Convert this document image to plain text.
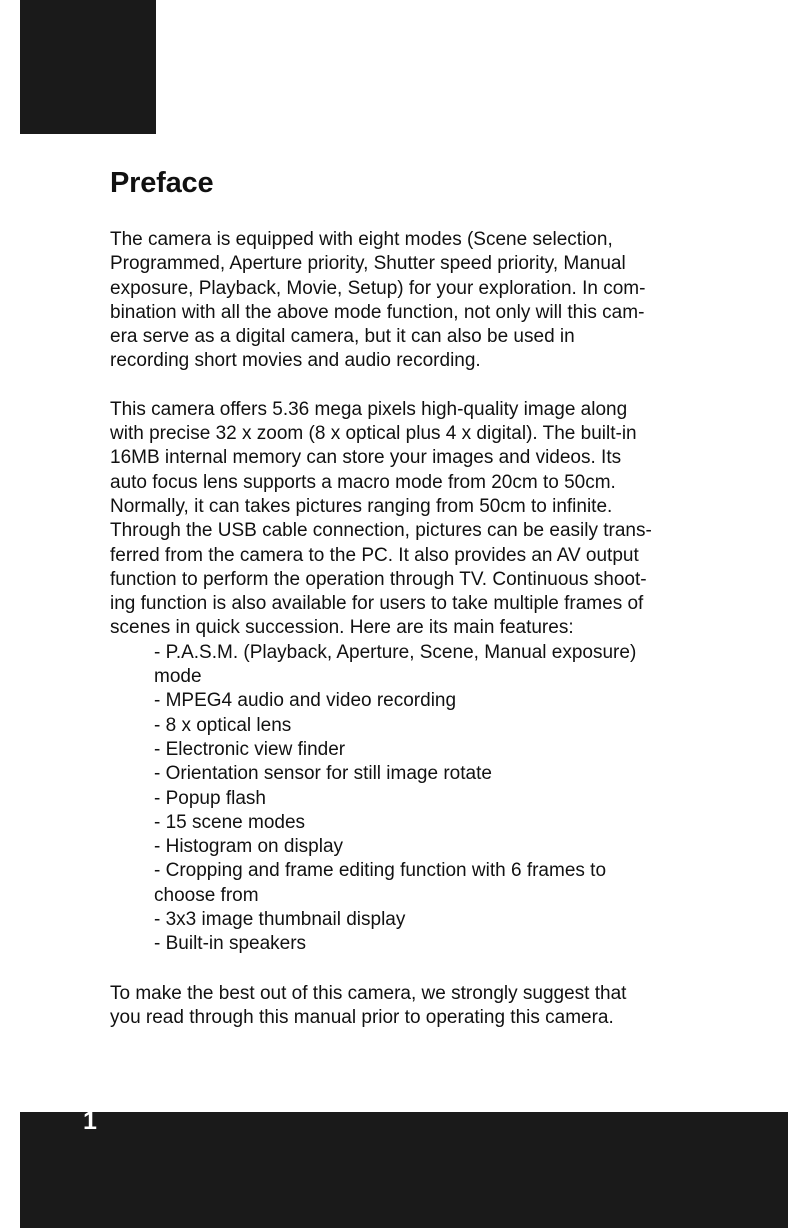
Preface

The camera is equipped with eight modes (Scene selection,
Programmed, Aperture priority, Shutter speed priority, Manual
exposure, Playback, Movie, Setup) for your exploration. In com-
bination with all the above mode function, not only will this cam-
era serve as a digital camera, but it can also be used in
recording short movies and audio recording.

This camera offers 5.36 mega pixels high-quality image along
with precise 32 x zoom (8 x optical plus 4 x digital). The built-in
16MB internal memory can store your images and videos. Its
auto focus lens supports a macro mode from 20cm to 50cm.
Normally, it can takes pictures ranging from 50cm to infinite.
Through the USB cable connection, pictures can be easily trans-
ferred from the camera to the PC. It also provides an AV output
function to perform the operation through TV. Continuous shoot-
ing function is also available for users to take multiple frames of
scenes in quick succession. Here are its main features:

- P.A.S.M. (Playback, Aperture, Scene, Manual exposure)
mode
- MPEG4 audio and video recording
- 8 x optical lens
- Electronic view finder
- Orientation sensor for still image rotate
- Popup flash
- 15 scene modes
- Histogram on display
- Cropping and frame editing function with 6 frames to
choose from
- 3x3 image thumbnail display
- Built-in speakers

To make the best out of this camera, we strongly suggest that
you read through this manual prior to operating this camera.

1
